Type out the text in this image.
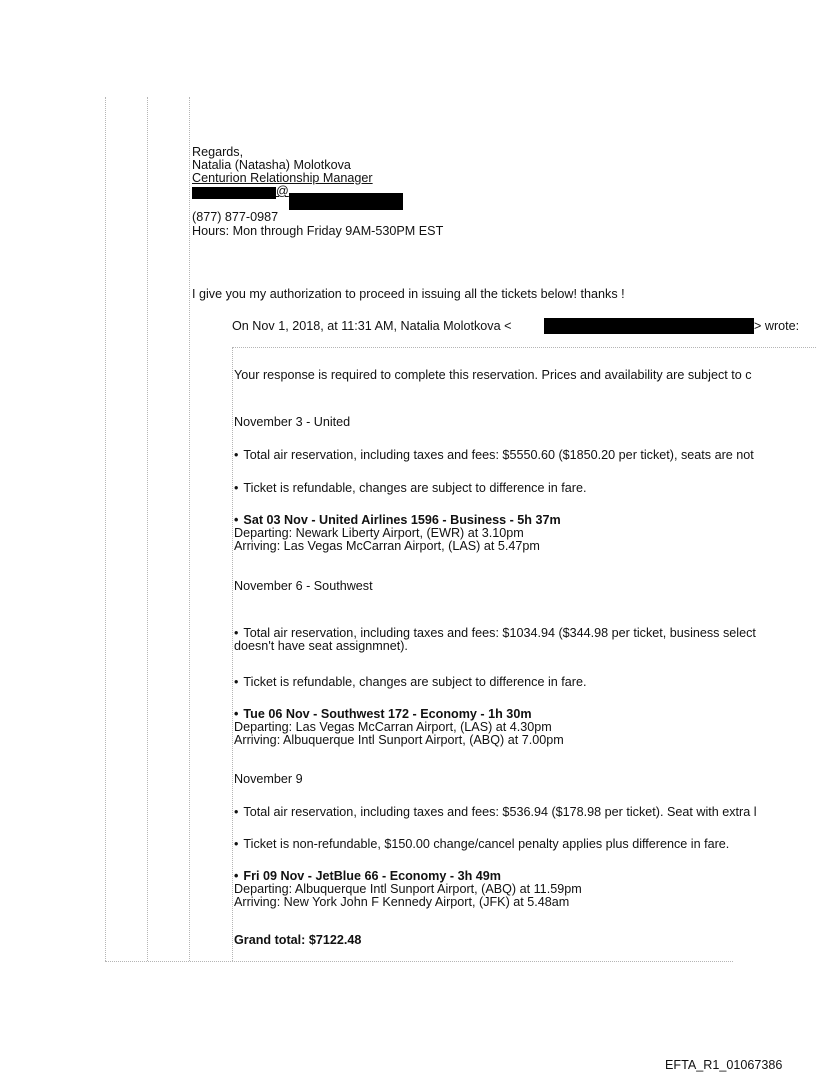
Regards,
Natalia (Natasha) Molotkova
Centurion Relationship Manager
@
(877) 877-0987
Hours: Mon through Friday 9AM-530PM EST
I give you my authorization to proceed in issuing all the tickets below! thanks !
On Nov 1, 2018, at 11:31 AM, Natalia Molotkova <	> wrote:
Your response is required to complete this reservation. Prices and availability are subject to c
November 3 - United
• Total air reservation, including taxes and fees: $5550.60 ($1850.20 per ticket), seats are not
• Ticket is refundable, changes are subject to difference in fare.
• Sat 03 Nov - United Airlines 1596 - Business - 5h 37m
Departing: Newark Liberty Airport, (EWR) at 3.10pm
Arriving: Las Vegas McCarran Airport, (LAS) at 5.47pm
November 6 - Southwest
• Total air reservation, including taxes and fees: $1034.94 ($344.98 per ticket, business select
doesn't have seat assignmnet).
• Ticket is refundable, changes are subject to difference in fare.
• Tue 06 Nov - Southwest 172 - Economy - 1h 30m
Departing: Las Vegas McCarran Airport, (LAS) at 4.30pm
Arriving: Albuquerque Intl Sunport Airport, (ABQ) at 7.00pm
November 9
• Total air reservation, including taxes and fees: $536.94 ($178.98 per ticket). Seat with extra l
• Ticket is non-refundable, $150.00 change/cancel penalty applies plus difference in fare.
• Fri 09 Nov - JetBlue 66 - Economy - 3h 49m
Departing: Albuquerque Intl Sunport Airport, (ABQ) at 11.59pm
Arriving: New York John F Kennedy Airport, (JFK) at 5.48am
Grand total: $7122.48
EFTA_R1_01067386
